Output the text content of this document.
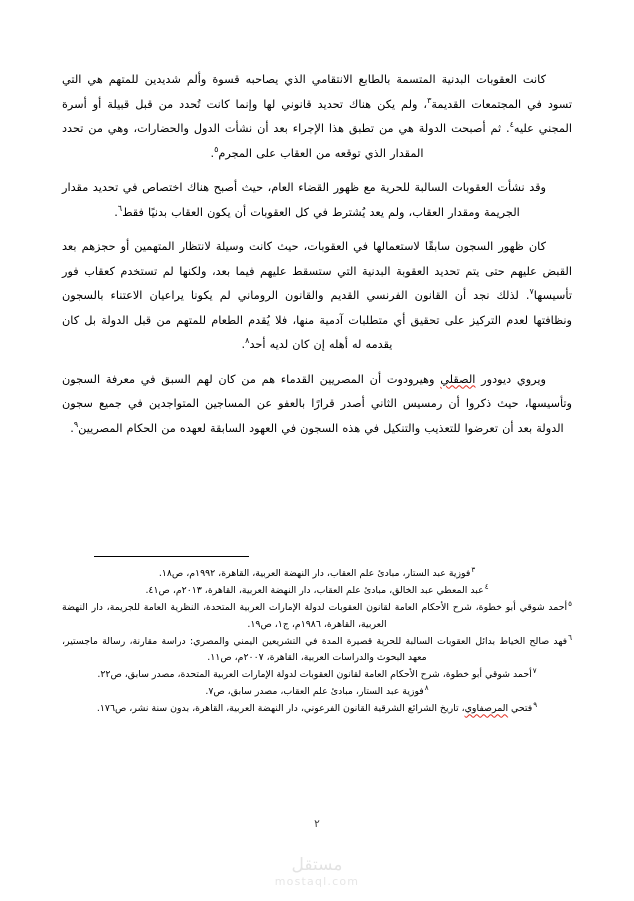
كانت العقوبات البدنية المتسمة بالطابع الانتقامي الذي يصاحبه قسوة وألم شديدين للمتهم هي التي تسود في المجتمعات القديمة$^٣$، ولم يكن هناك تحديد قانوني لها وإنما كانت تُحدد من قبل قبيلة أو أسرة المجني عليه$^٤$. ثم أصبحت الدولة هي من تطبق هذا الإجراء بعد أن نشأت الدول والحضارات، وهي من تحدد المقدار الذي توقعه من العقاب على المجرم$^٥$.

وقد نشأت العقوبات السالبة للحرية مع ظهور القضاء العام، حيث أصبح هناك اختصاص في تحديد مقدار الجريمة ومقدار العقاب، ولم يعد يُشترط في كل العقوبات أن يكون العقاب بدنيًا فقط$^٦$.

كان ظهور السجون سابقًا لاستعمالها في العقوبات، حيث كانت وسيلة لانتظار المتهمين أو حجزهم بعد القبض عليهم حتى يتم تحديد العقوبة البدنية التي ستسقط عليهم فيما بعد، ولكنها لم تستخدم كعقاب فور تأسيسها$^٧$. لذلك نجد أن القانون الفرنسي القديم والقانون الروماني لم يكونا يراعيان الاعتناء بالسجون ونظافتها لعدم التركيز على تحقيق أي متطلبات آدمية منها، فلا يُقدم الطعام للمتهم من قبل الدولة بل كان يقدمه له أهله إن كان لديه أحد$^٨$.

ويروي ديودور الصقلي وهيرودوت أن المصريين القدماء هم من كان لهم السبق في معرفة السجون وتأسيسها، حيث ذكروا أن رمسيس الثاني أصدر قرارًا بالعفو عن المساجين المتواجدين في جميع سجون الدولة بعد أن تعرضوا للتعذيب والتنكيل في هذه السجون في العهود السابقة لعهده من الحكام المصريين$^٩$.

$^٣$فوزية عبد الستار، مبادئ علم العقاب، دار النهضة العربية، القاهرة، ١٩٩٢م، ص١٨.
$^٤$عبد المعطي عبد الخالق، مبادئ علم العقاب، دار النهضة العربية، القاهرة، ٢٠١٣م، ص٤١.
$^٥$أحمد شوقي أبو خطوة، شرح الأحكام العامة لقانون العقوبات لدولة الإمارات العربية المتحدة، النظرية العامة للجريمة، دار النهضة العربية، القاهرة، ١٩٨٦م، ج١، ص١٩.
$^٦$فهد صالح الخياط بدائل العقوبات السالبة للحرية قصيرة المدة في التشريعين اليمني والمصري: دراسة مقارنة، رسالة ماجستير، معهد البحوث والدراسات العربية، القاهرة، ٢٠٠٧م، ص١١.
$^٧$أحمد شوقي أبو خطوة، شرح الأحكام العامة لقانون العقوبات لدولة الإمارات العربية المتحدة، مصدر سابق، ص٢٢.
$^٨$فوزية عبد الستار، مبادئ علم العقاب، مصدر سابق، ص٧.
$^٩$فتحي المرصفاوي، تاريخ الشرائع الشرقية القانون الفرعوني، دار النهضة العربية، القاهرة، بدون سنة نشر، ص١٧٦.
٢
مستقل
mostaql.com
